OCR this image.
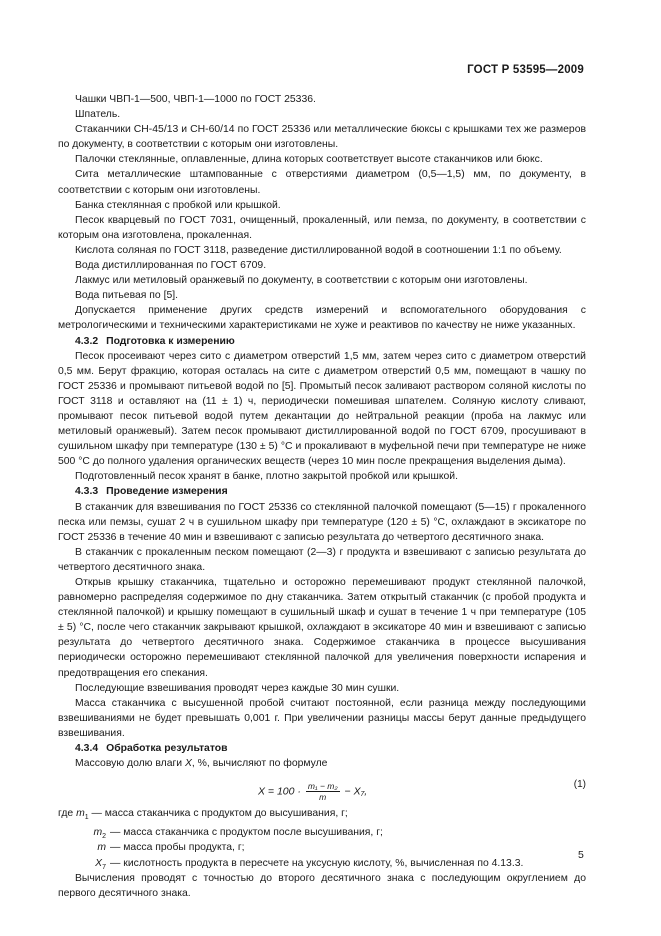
ГОСТ Р 53595—2009

Чашки ЧВП-1—500, ЧВП-1—1000 по ГОСТ 25336.

Шпатель.

Стаканчики СН-45/13 и СН-60/14 по ГОСТ 25336 или металлические бюксы с крышками тех же размеров по документу, в соответствии с которым они изготовлены.

Палочки стеклянные, оплавленные, длина которых соответствует высоте стаканчиков или бюкс.

Сита металлические штампованные с отверстиями диаметром (0,5—1,5) мм, по документу, в соответствии с которым они изготовлены.

Банка стеклянная с пробкой или крышкой.

Песок кварцевый по ГОСТ 7031, очищенный, прокаленный, или пемза, по документу, в соответствии с которым она изготовлена, прокаленная.

Кислота соляная по ГОСТ 3118, разведение дистиллированной водой в соотношении 1:1 по объему.

Вода дистиллированная по ГОСТ 6709.

Лакмус или метиловый оранжевый по документу, в соответствии с которым они изготовлены.

Вода питьевая по [5].

Допускается применение других средств измерений и вспомогательного оборудования с метрологическими и техническими характеристиками не хуже и реактивов по качеству не ниже указанных.

4.3.2 Подготовка к измерению

Песок просеивают через сито с диаметром отверстий 1,5 мм, затем через сито с диаметром отверстий 0,5 мм. Берут фракцию, которая осталась на сите с диаметром отверстий 0,5 мм, помещают в чашку по ГОСТ 25336 и промывают питьевой водой по [5]. Промытый песок заливают раствором соляной кислоты по ГОСТ 3118 и оставляют на (11 ± 1) ч, периодически помешивая шпателем. Соляную кислоту сливают, промывают песок питьевой водой путем декантации до нейтральной реакции (проба на лакмус или метиловый оранжевый). Затем песок промывают дистиллированной водой по ГОСТ 6709, просушивают в сушильном шкафу при температуре (130 ± 5) °С и прокаливают в муфельной печи при температуре не ниже 500 °С до полного удаления органических веществ (через 10 мин после прекращения выделения дыма).

Подготовленный песок хранят в банке, плотно закрытой пробкой или крышкой.

4.3.3 Проведение измерения

В стаканчик для взвешивания по ГОСТ 25336 со стеклянной палочкой помещают (5—15) г прокаленного песка или пемзы, сушат 2 ч в сушильном шкафу при температуре (120 ± 5) °С, охлаждают в эксикаторе по ГОСТ 25336 в течение 40 мин и взвешивают с записью результата до четвертого десятичного знака.

В стаканчик с прокаленным песком помещают (2—3) г продукта и взвешивают с записью результата до четвертого десятичного знака.

Открыв крышку стаканчика, тщательно и осторожно перемешивают продукт стеклянной палочкой, равномерно распределяя содержимое по дну стаканчика. Затем открытый стаканчик (с пробой продукта и стеклянной палочкой) и крышку помещают в сушильный шкаф и сушат в течение 1 ч при температуре (105 ± 5) °С, после чего стаканчик закрывают крышкой, охлаждают в эксикаторе 40 мин и взвешивают с записью результата до четвертого десятичного знака. Содержимое стаканчика в процессе высушивания периодически осторожно перемешивают стеклянной палочкой для увеличения поверхности испарения и предотвращения его спекания.

Последующие взвешивания проводят через каждые 30 мин сушки.

Масса стаканчика с высушенной пробой считают постоянной, если разница между последующими взвешиваниями не будет превышать 0,001 г. При увеличении разницы массы берут данные предыдущего взвешивания.

4.3.4 Обработка результатов

Массовую долю влаги X, %, вычисляют по формуле

$X = 100 \cdot \frac{\text{m₁ − m₂}}{m} - X_7$,
(1)
где $m_1$ — масса стаканчика с продуктом до высушивания, г;
$m_2$ — масса стаканчика с продуктом после высушивания, г;
m — масса пробы продукта, г;
$X_7$ — кислотность продукта в пересчете на уксусную кислоту, %, вычисленная по 4.13.3.

Вычисления проводят с точностью до второго десятичного знака с последующим округлением до первого десятичного знака.

5
